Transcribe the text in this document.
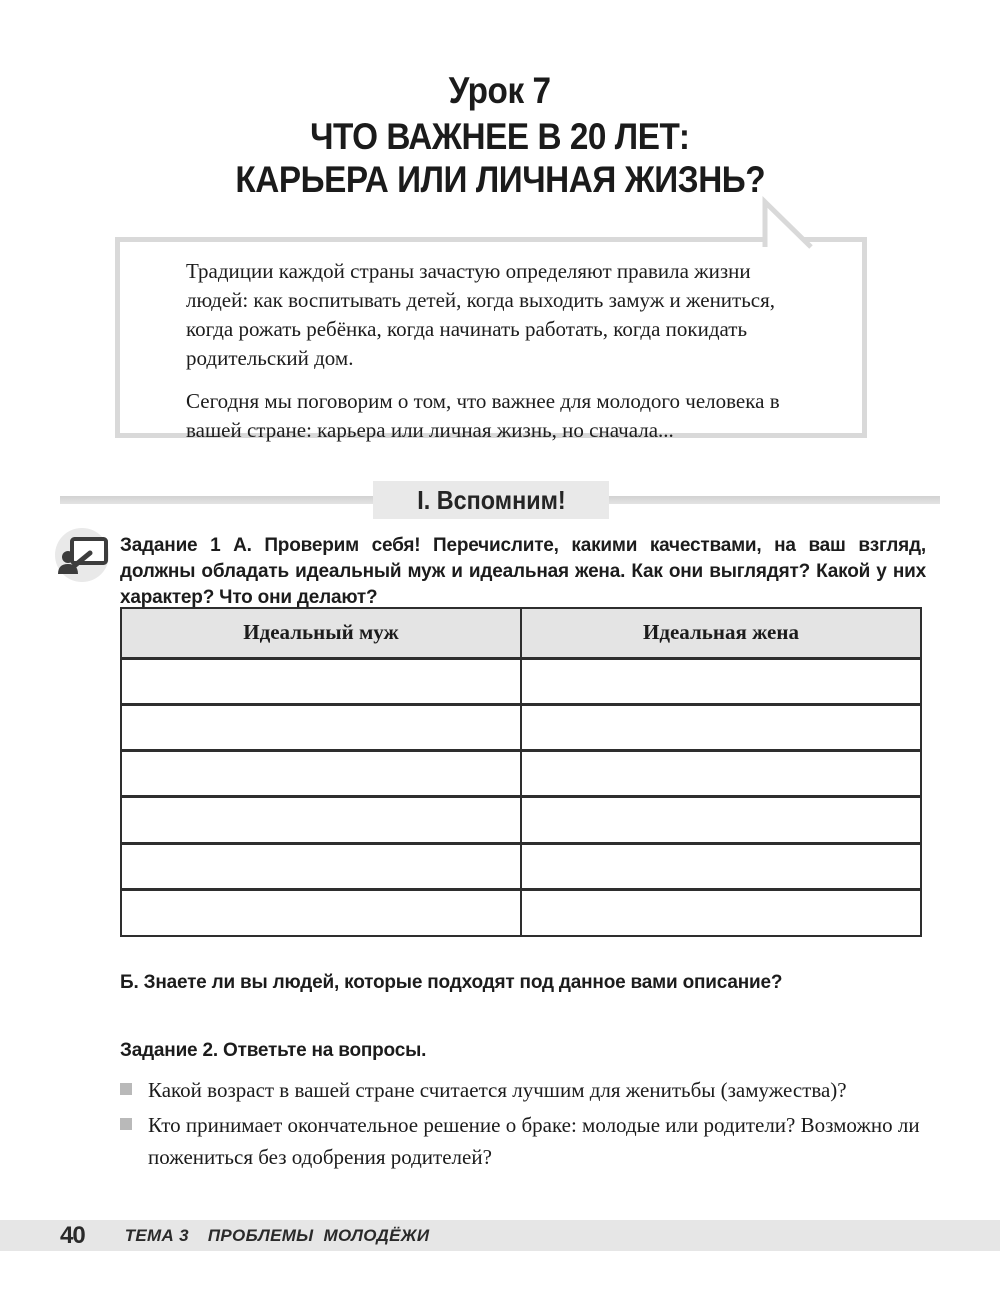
Урок 7
ЧТО ВАЖНЕЕ В 20 ЛЕТ:
КАРЬЕРА ИЛИ ЛИЧНАЯ ЖИЗНЬ?

Традиции каждой страны зачастую определяют правила жизни людей: как воспитывать детей, когда выходить замуж и жениться, когда рожать ребёнка, когда начинать работать, когда покидать родительский дом.

Сегодня мы поговорим о том, что важнее для молодого человека в вашей стране: карьера или личная жизнь, но сначала...

I. Вспомним!

Задание 1 А. Проверим себя! Перечислите, какими качествами, на ваш взгляд, должны обладать идеальный муж и идеальная жена. Как они выглядят? Какой у них характер? Что они делают?

Идеальный муж	Идеальная жена

Б. Знаете ли вы людей, которые подходят под данное вами описание?

Задание 2. Ответьте на вопросы.

Какой возраст в вашей стране считается лучшим для женитьбы (замужества)?
Кто принимает окончательное решение о браке: молодые или родители? Возможно ли пожениться без одобрения родителей?
40 ТЕМА 3 ПРОБЛЕМЫ МОЛОДЁЖИ
